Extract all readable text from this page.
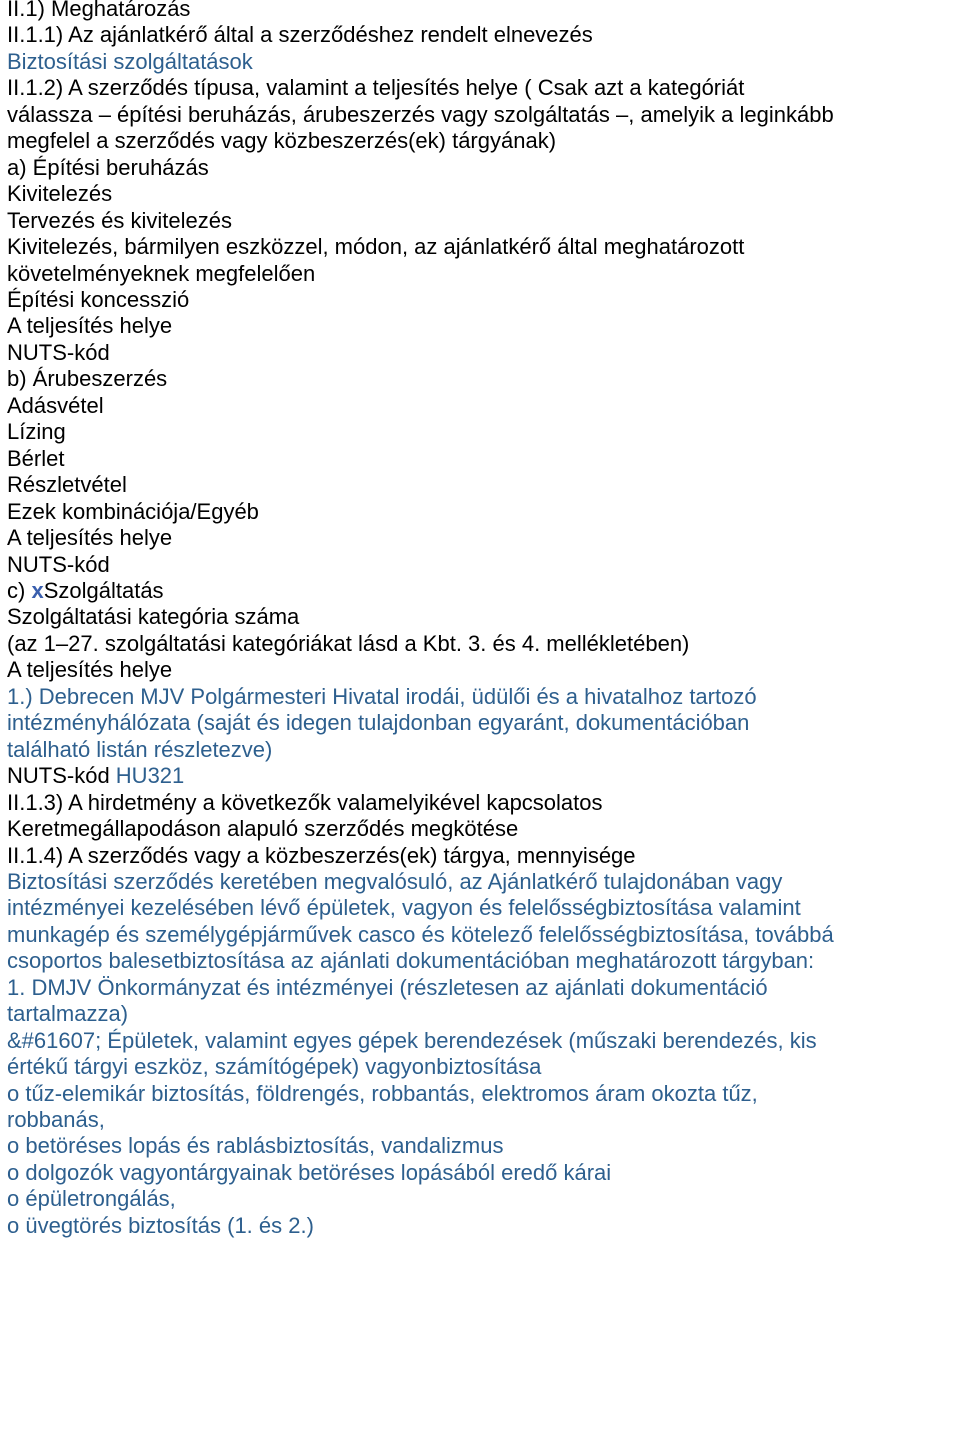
II.1) Meghatározás
II.1.1) Az ajánlatkérő által a szerződéshez rendelt elnevezés
Biztosítási szolgáltatások
II.1.2) A szerződés típusa, valamint a teljesítés helye ( Csak azt a kategóriát
válassza – építési beruházás, árubeszerzés vagy szolgáltatás –, amelyik a leginkább
megfelel a szerződés vagy közbeszerzés(ek) tárgyának)
a) Építési beruházás
Kivitelezés
Tervezés és kivitelezés
Kivitelezés, bármilyen eszközzel, módon, az ajánlatkérő által meghatározott
követelményeknek megfelelően
Építési koncesszió
A teljesítés helye
NUTS-kód
b) Árubeszerzés
Adásvétel
Lízing
Bérlet
Részletvétel
Ezek kombinációja/Egyéb
A teljesítés helye
NUTS-kód
c) xSzolgáltatás
Szolgáltatási kategória száma
(az 1–27. szolgáltatási kategóriákat lásd a Kbt. 3. és 4. mellékletében)
A teljesítés helye
1.) Debrecen MJV Polgármesteri Hivatal irodái, üdülői és a hivatalhoz tartozó
intézményhálózata (saját és idegen tulajdonban egyaránt, dokumentációban
található listán részletezve)
NUTS-kód HU321
II.1.3) A hirdetmény a következők valamelyikével kapcsolatos
Keretmegállapodáson alapuló szerződés megkötése
II.1.4) A szerződés vagy a közbeszerzés(ek) tárgya, mennyisége
Biztosítási szerződés keretében megvalósuló, az Ajánlatkérő tulajdonában vagy
intézményei kezelésében lévő épületek, vagyon és felelősségbiztosítása valamint
munkagép és személygépjárművek casco és kötelező felelősségbiztosítása, továbbá
csoportos balesetbiztosítása az ajánlati dokumentációban meghatározott tárgyban:
1. DMJV Önkormányzat és intézményei (részletesen az ajánlati dokumentáció
tartalmazza)
&#61607; Épületek, valamint egyes gépek berendezések (műszaki berendezés, kis
értékű tárgyi eszköz, számítógépek) vagyonbiztosítása
o tűz-elemikár biztosítás, földrengés, robbantás, elektromos áram okozta tűz,
robbanás,
o betöréses lopás és rablásbiztosítás, vandalizmus
o dolgozók vagyontárgyainak betöréses lopásából eredő kárai
o épületrongálás,
o üvegtörés biztosítás (1. és 2.)
